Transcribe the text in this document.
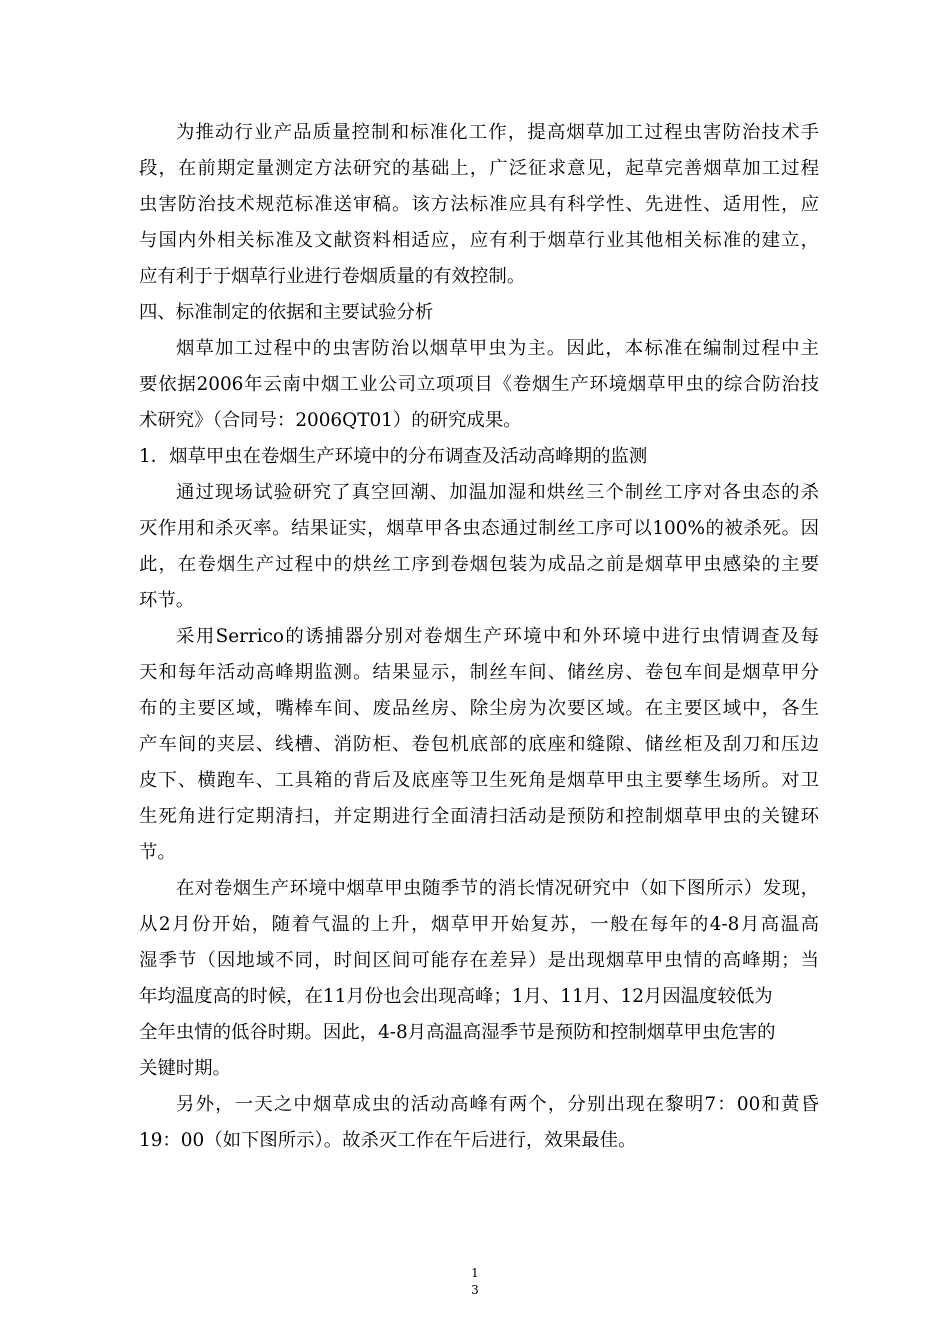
为推动行业产品质量控制和标准化工作，提高烟草加工过程虫害防治技术手
段，在前期定量测定方法研究的基础上，广泛征求意见，起草完善烟草加工过程
虫害防治技术规范标准送审稿。该方法标准应具有科学性、先进性、适用性，应
与国内外相关标准及文献资料相适应，应有利于烟草行业其他相关标准的建立，
应有利于于烟草行业进行卷烟质量的有效控制。
四、标准制定的依据和主要试验分析
烟草加工过程中的虫害防治以烟草甲虫为主。因此，本标准在编制过程中主
要依据2006年云南中烟工业公司立项项目《卷烟生产环境烟草甲虫的综合防治技
术研究》（合同号：2006QT01）的研究成果。
1．烟草甲虫在卷烟生产环境中的分布调查及活动高峰期的监测
通过现场试验研究了真空回潮、加温加湿和烘丝三个制丝工序对各虫态的杀
灭作用和杀灭率。结果证实，烟草甲各虫态通过制丝工序可以100%的被杀死。因
此，在卷烟生产过程中的烘丝工序到卷烟包装为成品之前是烟草甲虫感染的主要
环节。
采用Serrico的诱捕器分别对卷烟生产环境中和外环境中进行虫情调查及每
天和每年活动高峰期监测。结果显示，制丝车间、储丝房、卷包车间是烟草甲分
布的主要区域，嘴棒车间、废品丝房、除尘房为次要区域。在主要区域中，各生
产车间的夹层、线槽、消防柜、卷包机底部的底座和缝隙、储丝柜及刮刀和压边
皮下、横跑车、工具箱的背后及底座等卫生死角是烟草甲虫主要孳生场所。对卫
生死角进行定期清扫，并定期进行全面清扫活动是预防和控制烟草甲虫的关键环
节。
在对卷烟生产环境中烟草甲虫随季节的消长情况研究中（如下图所示）发现，
从2月份开始，随着气温的上升，烟草甲开始复苏，一般在每年的4-8月高温高
湿季节（因地域不同，时间区间可能存在差异）是出现烟草甲虫情的高峰期；当
年均温度高的时候，在11月份也会出现高峰；1月、11月、12月因温度较低为
全年虫情的低谷时期。因此，4-8月高温高湿季节是预防和控制烟草甲虫危害的
关键时期。
另外，一天之中烟草成虫的活动高峰有两个，分别出现在黎明7：00和黄昏
19：00（如下图所示）。故杀灭工作在午后进行，效果最佳。
1
3
